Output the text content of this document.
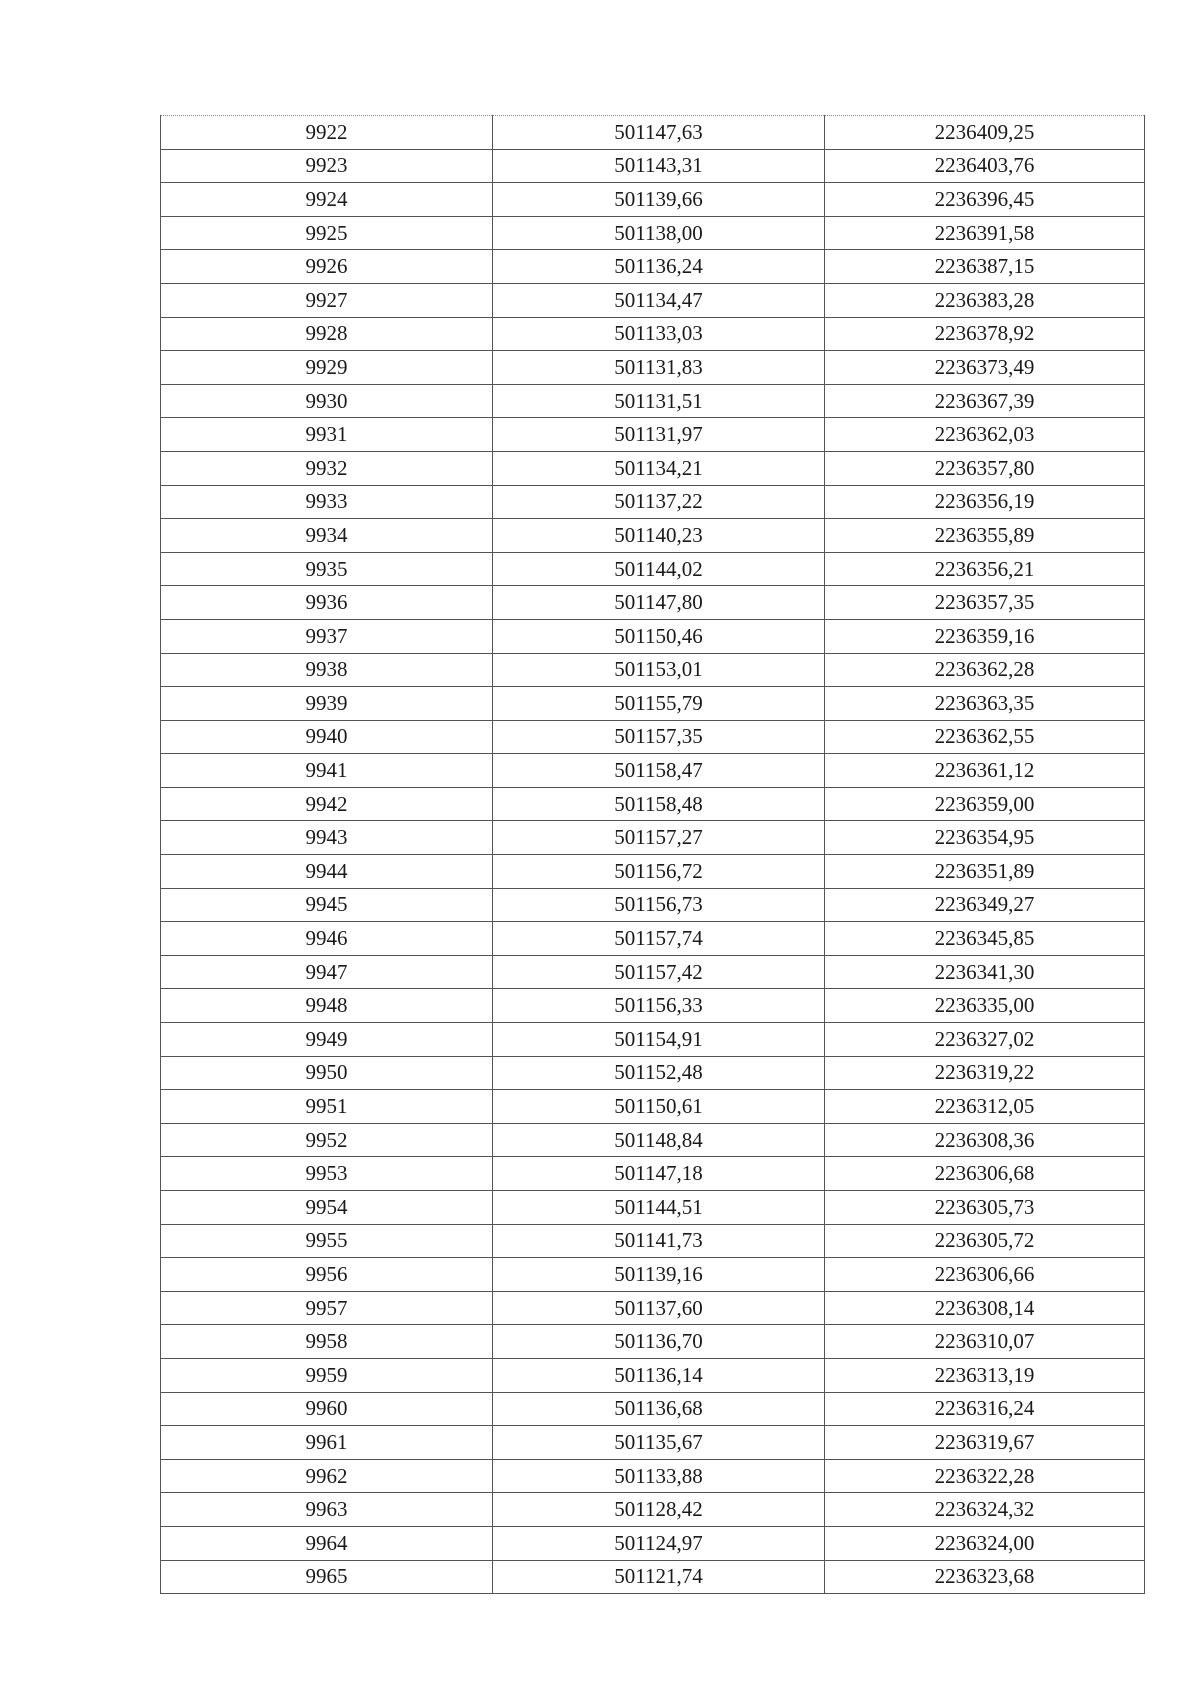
9922	501147,63	2236409,25
9923	501143,31	2236403,76
9924	501139,66	2236396,45
9925	501138,00	2236391,58
9926	501136,24	2236387,15
9927	501134,47	2236383,28
9928	501133,03	2236378,92
9929	501131,83	2236373,49
9930	501131,51	2236367,39
9931	501131,97	2236362,03
9932	501134,21	2236357,80
9933	501137,22	2236356,19
9934	501140,23	2236355,89
9935	501144,02	2236356,21
9936	501147,80	2236357,35
9937	501150,46	2236359,16
9938	501153,01	2236362,28
9939	501155,79	2236363,35
9940	501157,35	2236362,55
9941	501158,47	2236361,12
9942	501158,48	2236359,00
9943	501157,27	2236354,95
9944	501156,72	2236351,89
9945	501156,73	2236349,27
9946	501157,74	2236345,85
9947	501157,42	2236341,30
9948	501156,33	2236335,00
9949	501154,91	2236327,02
9950	501152,48	2236319,22
9951	501150,61	2236312,05
9952	501148,84	2236308,36
9953	501147,18	2236306,68
9954	501144,51	2236305,73
9955	501141,73	2236305,72
9956	501139,16	2236306,66
9957	501137,60	2236308,14
9958	501136,70	2236310,07
9959	501136,14	2236313,19
9960	501136,68	2236316,24
9961	501135,67	2236319,67
9962	501133,88	2236322,28
9963	501128,42	2236324,32
9964	501124,97	2236324,00
9965	501121,74	2236323,68
